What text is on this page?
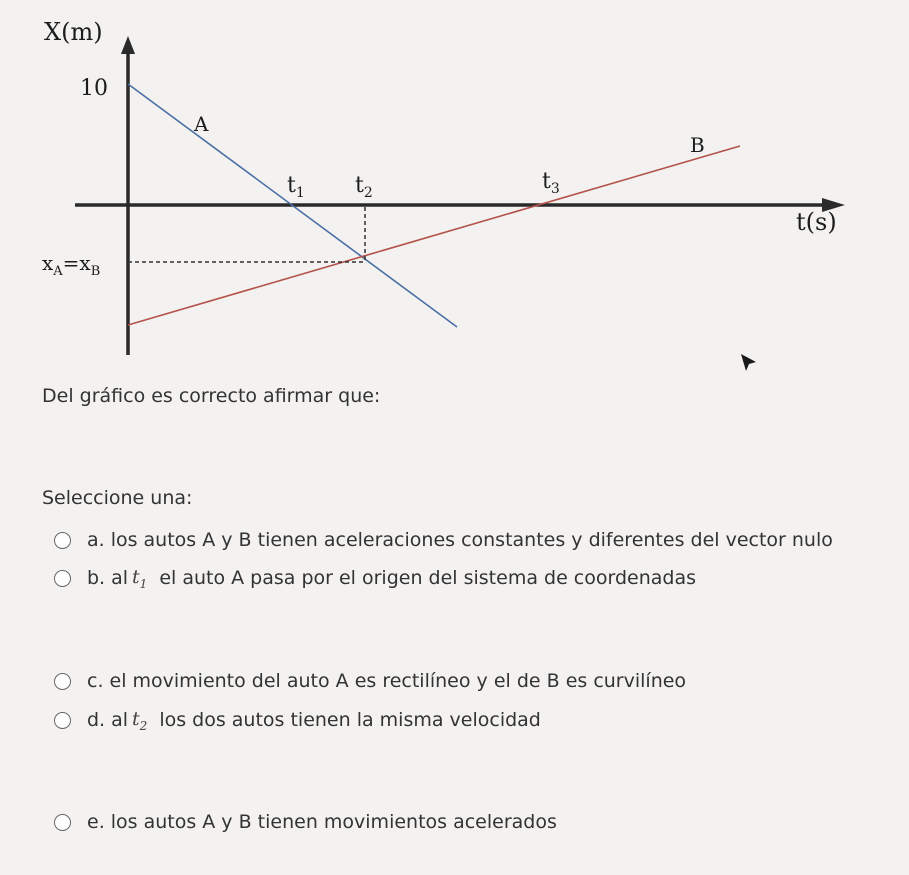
X(m)
10
A
B
t(s)
$t_1$ $t_2$	$t_3$
$x_A=x_B$
Del gráfico es correcto afirmar que:
Seleccione una:
a. los autos A y B tienen aceleraciones constantes y diferentes del vector nulo
b. al $t_1$ el auto A pasa por el origen del sistema de coordenadas
c. el movimiento del auto A es rectilíneo y el de B es curvilíneo
d. al $t_2$ los dos autos tienen la misma velocidad
e. los autos A y B tienen movimientos acelerados
